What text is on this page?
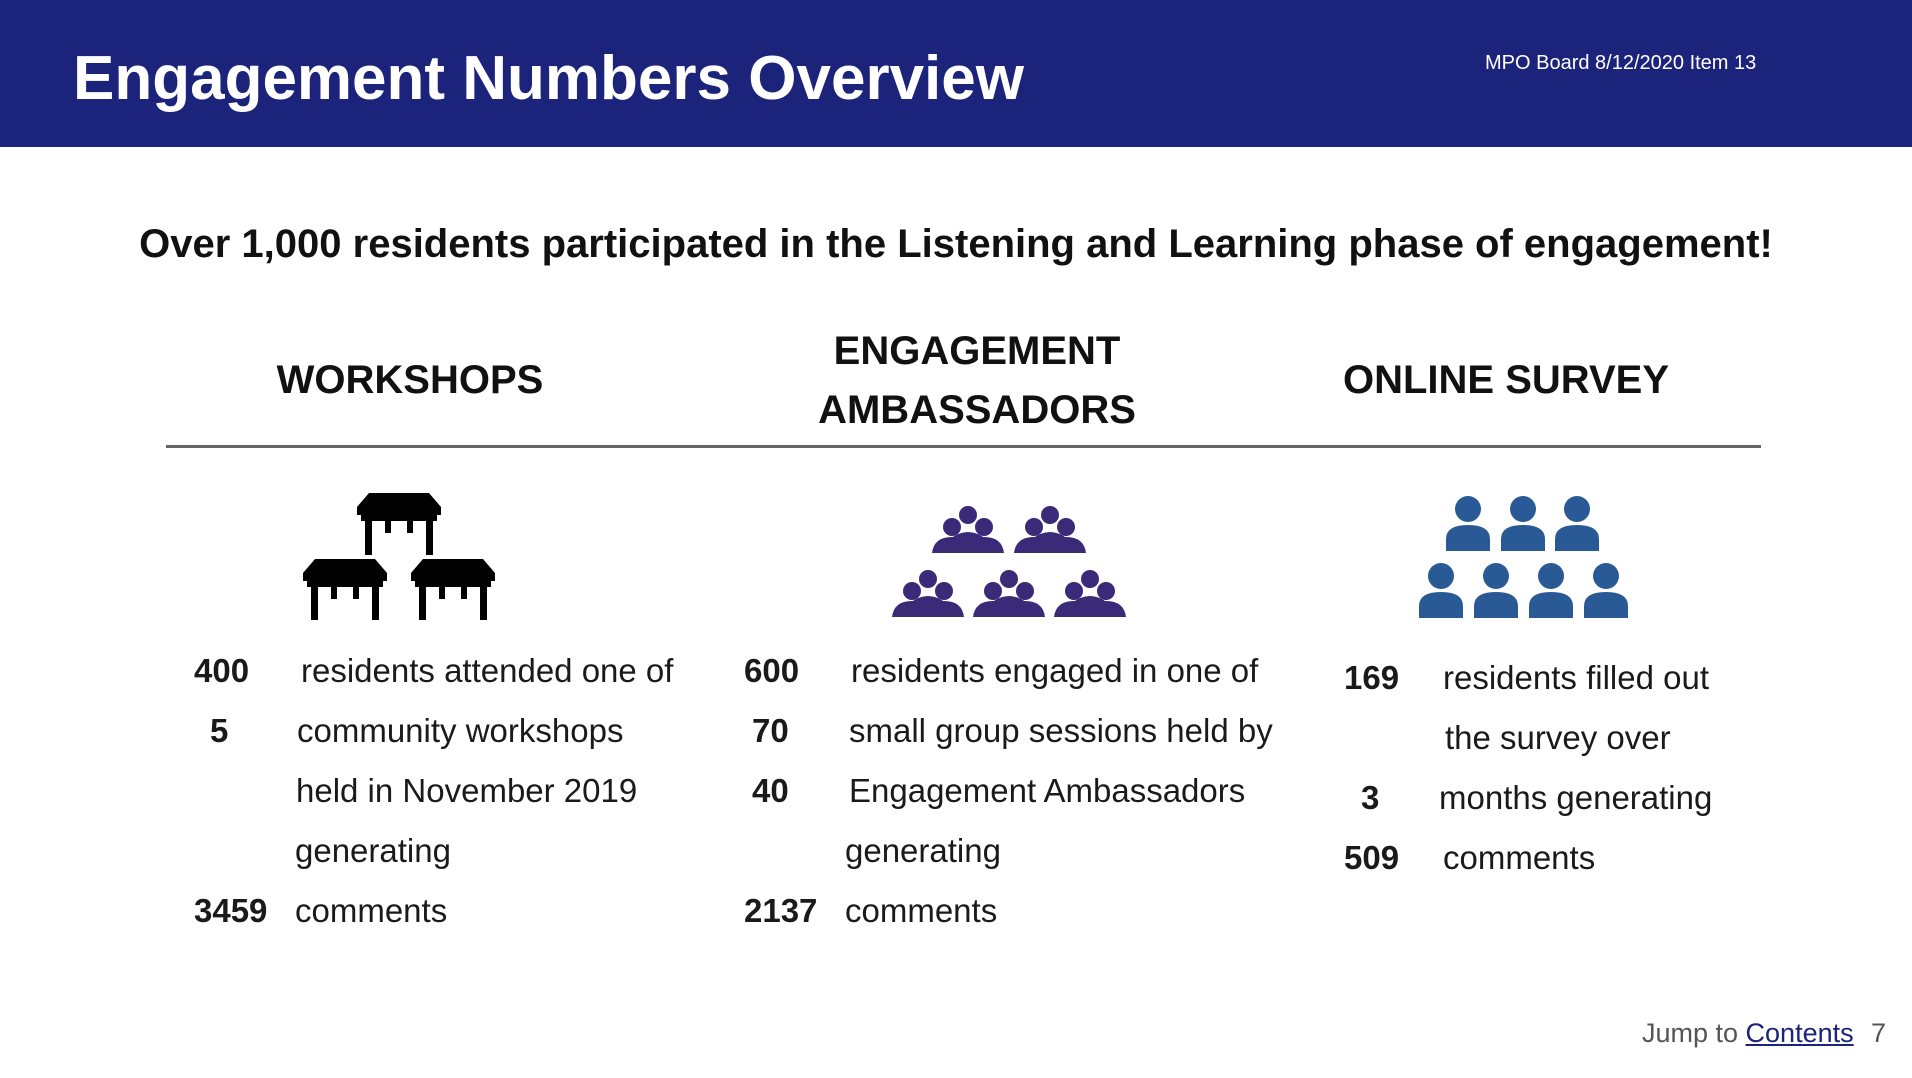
Engagement Numbers Overview	MPO Board 8/12/2020 Item 13

Over 1,000 residents participated in the Listening and Learning phase of engagement!

WORKSHOPS
ENGAGEMENT
AMBASSADORS
ONLINE SURVEY
400 residents attended one of
5 community workshops
held in November 2019
generating
3459 comments
600 residents engaged in one of
70 small group sessions held by
40 Engagement Ambassadors
generating
2137 comments
169 residents filled out
the survey over
3 months generating
509 comments
Jump to Contents 7
